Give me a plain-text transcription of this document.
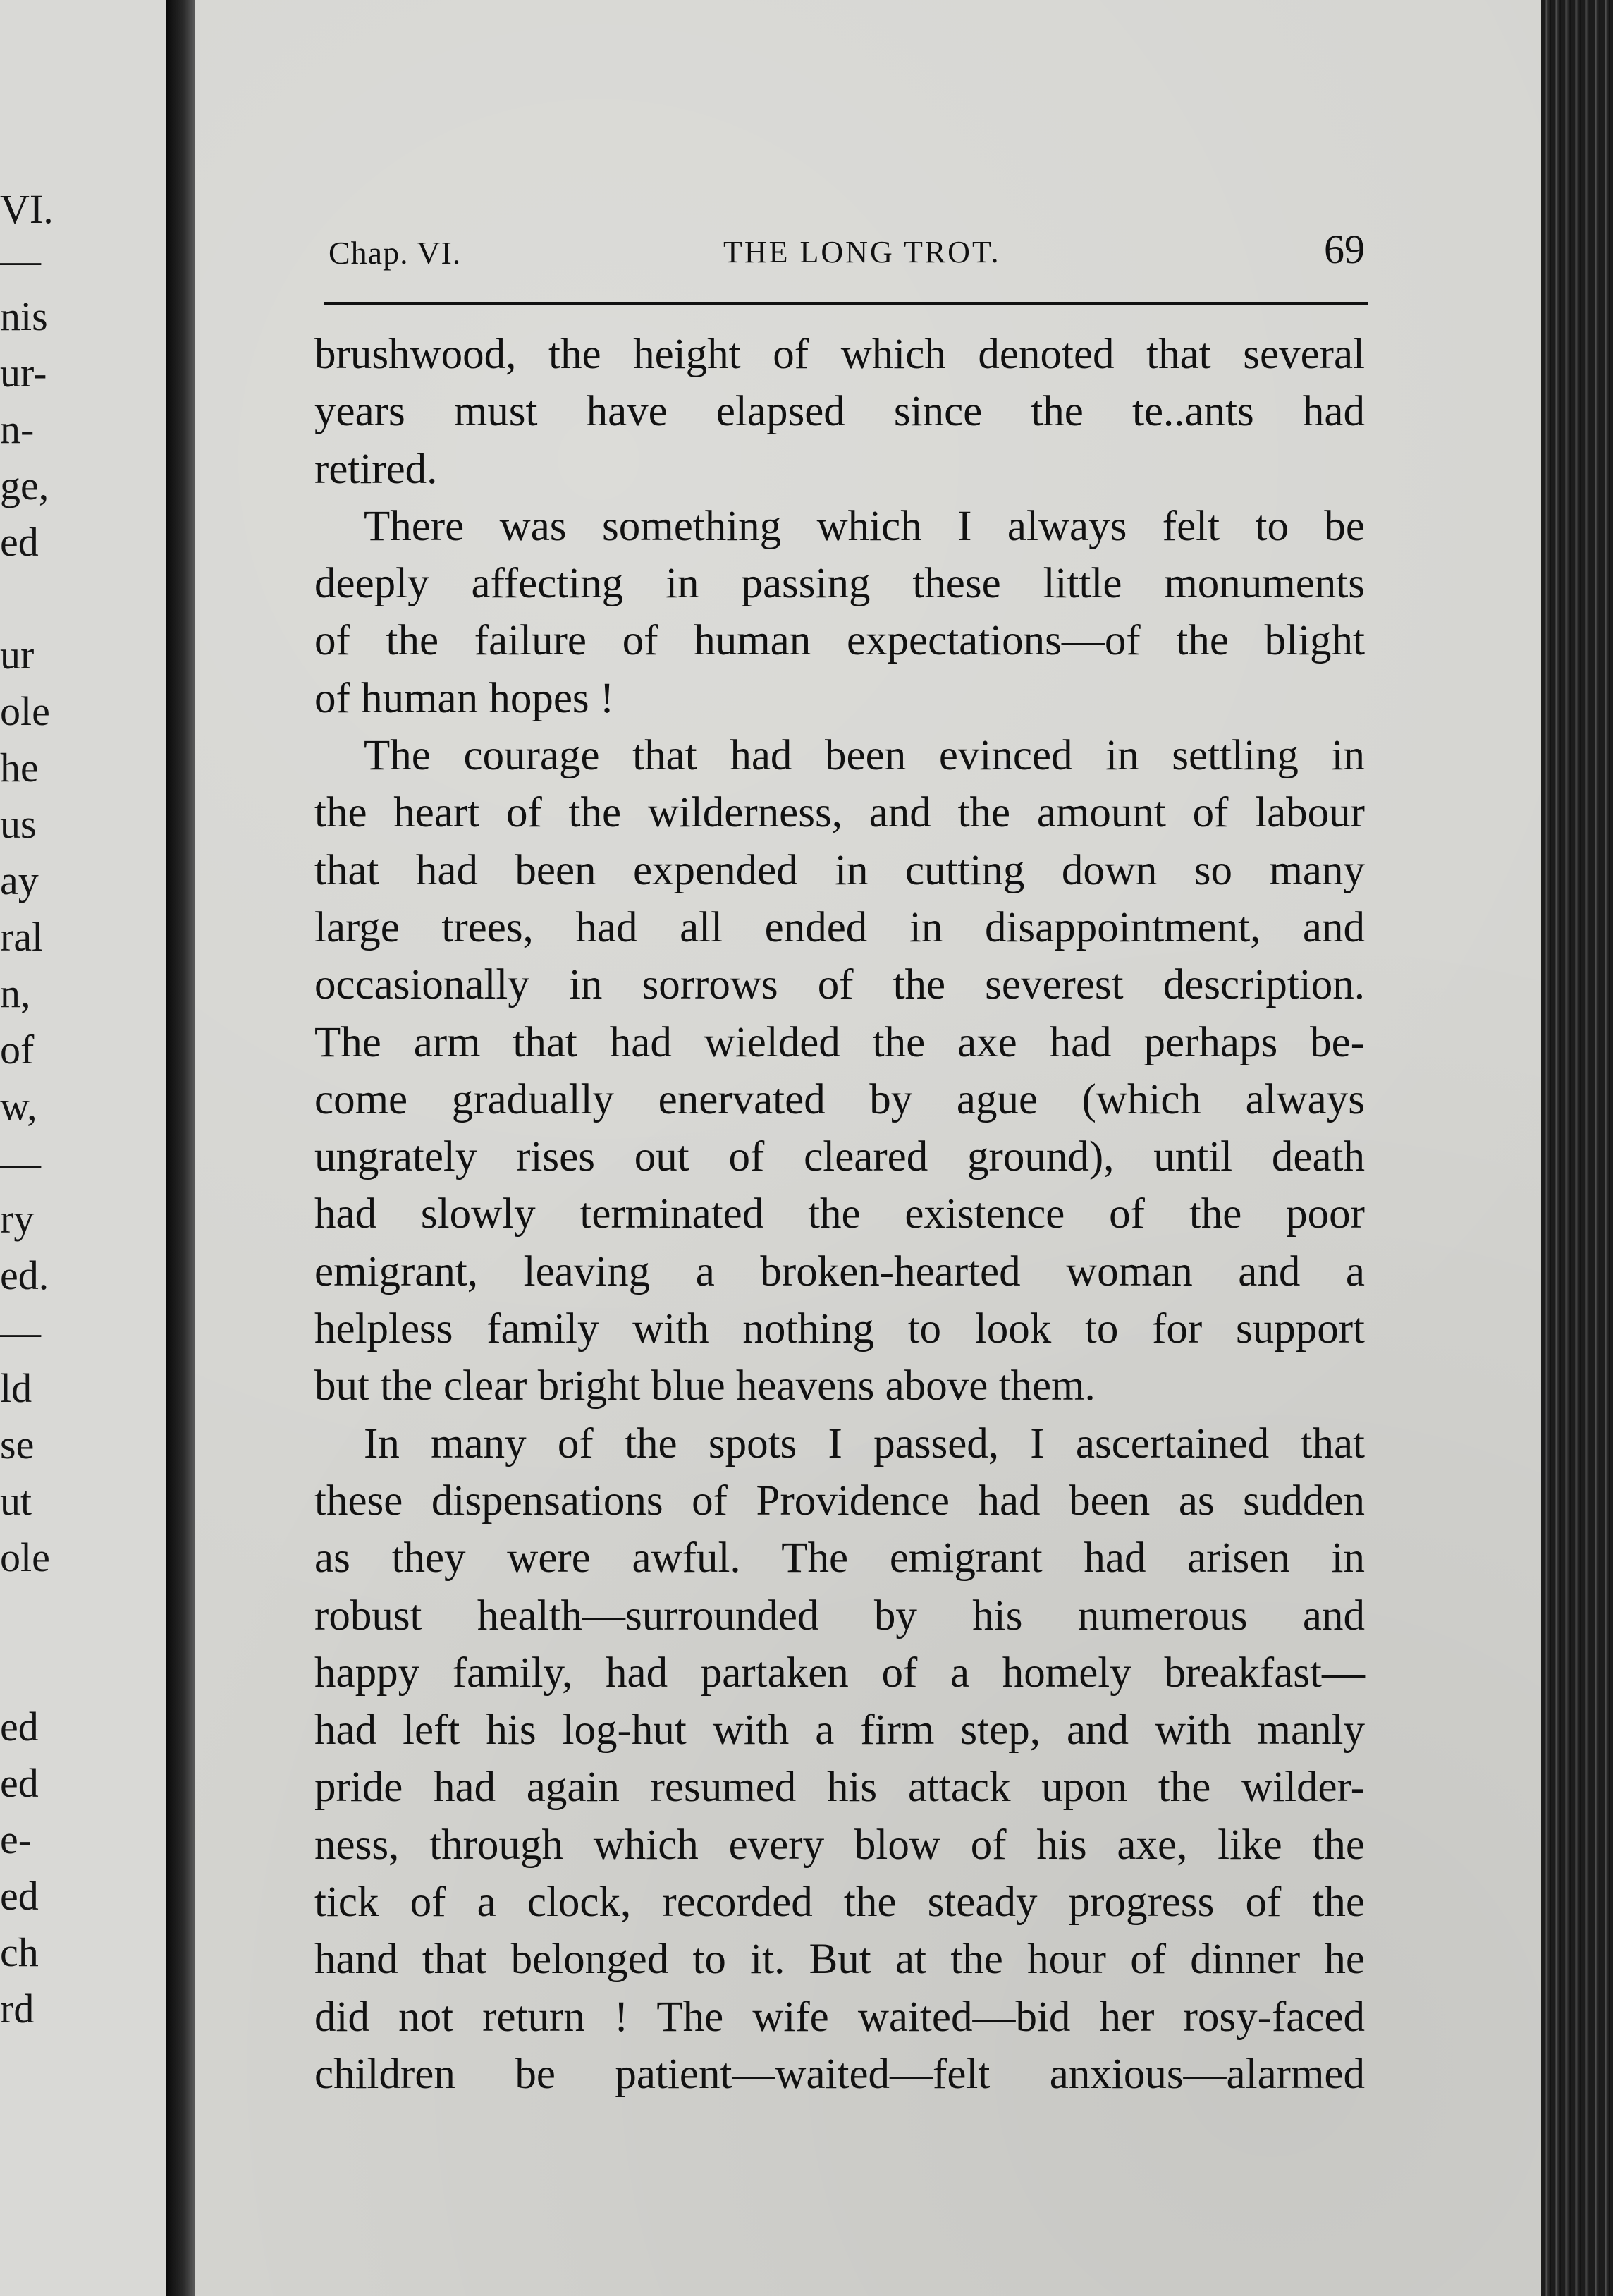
VI.
—
nis
ur-
n-
ge,
ed
ur
ole
he
us
ay
ral
n,
of
w,
—
ry
ed.
—
ld
se
ut
ole
ed
ed
e-
ed
ch
rd
Chap. VI.	THE LONG TROT.	69
brushwood, the height of which denoted that several
years must have elapsed since the te..ants had
retired.
There was something which I always felt to be
deeply affecting in passing these little monuments
of the failure of human expectations—of the blight
of human hopes !
The courage that had been evinced in settling in
the heart of the wilderness, and the amount of labour
that had been expended in cutting down so many
large trees, had all ended in disappointment, and
occasionally in sorrows of the severest description.
The arm that had wielded the axe had perhaps be-
come gradually enervated by ague (which always
ungrately rises out of cleared ground), until death
had slowly terminated the existence of the poor
emigrant, leaving a broken-hearted woman and a
helpless family with nothing to look to for support
but the clear bright blue heavens above them.
In many of the spots I passed, I ascertained that
these dispensations of Providence had been as sudden
as they were awful. The emigrant had arisen in
robust health—surrounded by his numerous and
happy family, had partaken of a homely breakfast—
had left his log-hut with a firm step, and with manly
pride had again resumed his attack upon the wilder-
ness, through which every blow of his axe, like the
tick of a clock, recorded the steady progress of the
hand that belonged to it. But at the hour of dinner he
did not return ! The wife waited—bid her rosy-faced
children be patient—waited—felt anxious—alarmed
